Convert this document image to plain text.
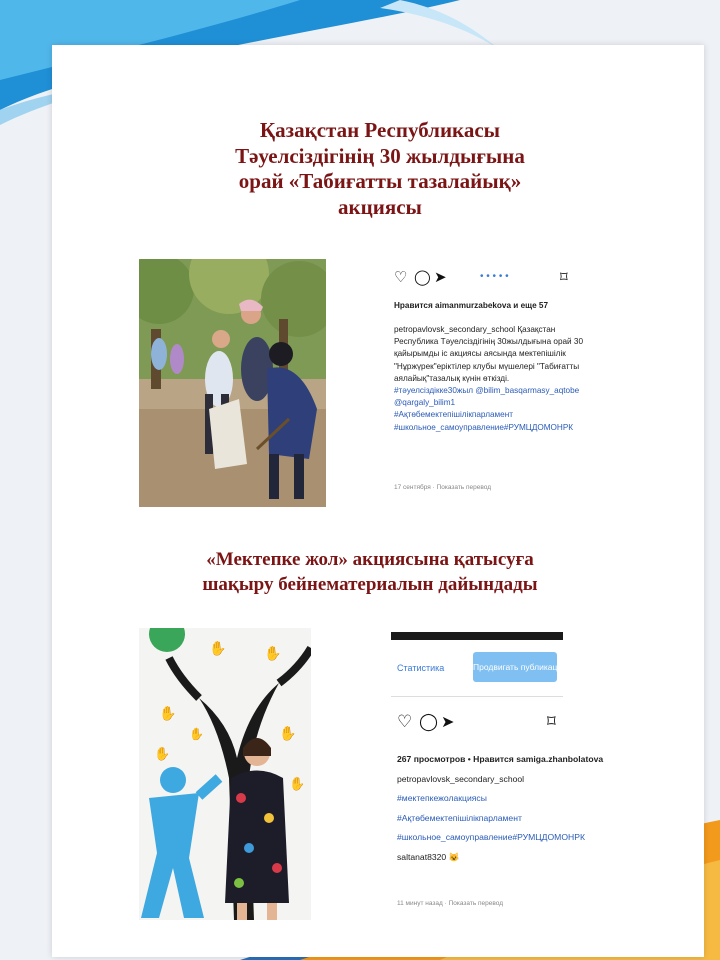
Қазақстан Республикасы
Тәуелсіздігінің 30 жылдығына
орай «Табиғатты тазалайық»
акциясы
♡ ◯ ➤	• • • • •	⌑
Нравится aimanmurzabekova и еще 57
petropavlovsk_secondary_school Қазақстан
Республика Тәуелсіздігінің 30жылдығына орай 30
қайырымды іс акциясы аясында мектепішілік
"Нұржүрек"еріктілер клубы мүшелері "Табиғатты
аялайық"тазалық күнін өткізді.
#тәуелсіздікке30жыл @bilim_basqarmasy_aqtobe
@qargaly_bilim1
#Ақтөбемектепішілікпарламент
#школьное_самоуправление#РУМЦДОМОНРК
17 сентября · Показать перевод
«Мектепке жол» акциясына қатысуға
шақыру бейнематериалын дайындады
✋	✋
✋
✋
✋
✋
✋
Статистика	Продвигать публикацию
♡ ◯ ➤	⌑
267 просмотров • Нравится samiga.zhanbolatova
petropavlovsk_secondary_school
#мектепкежолакциясы
#Ақтөбемектепішілікпарламент
#школьное_самоуправление#РУМЦДОМОНРК
saltanat8320 😺
11 минут назад · Показать перевод
